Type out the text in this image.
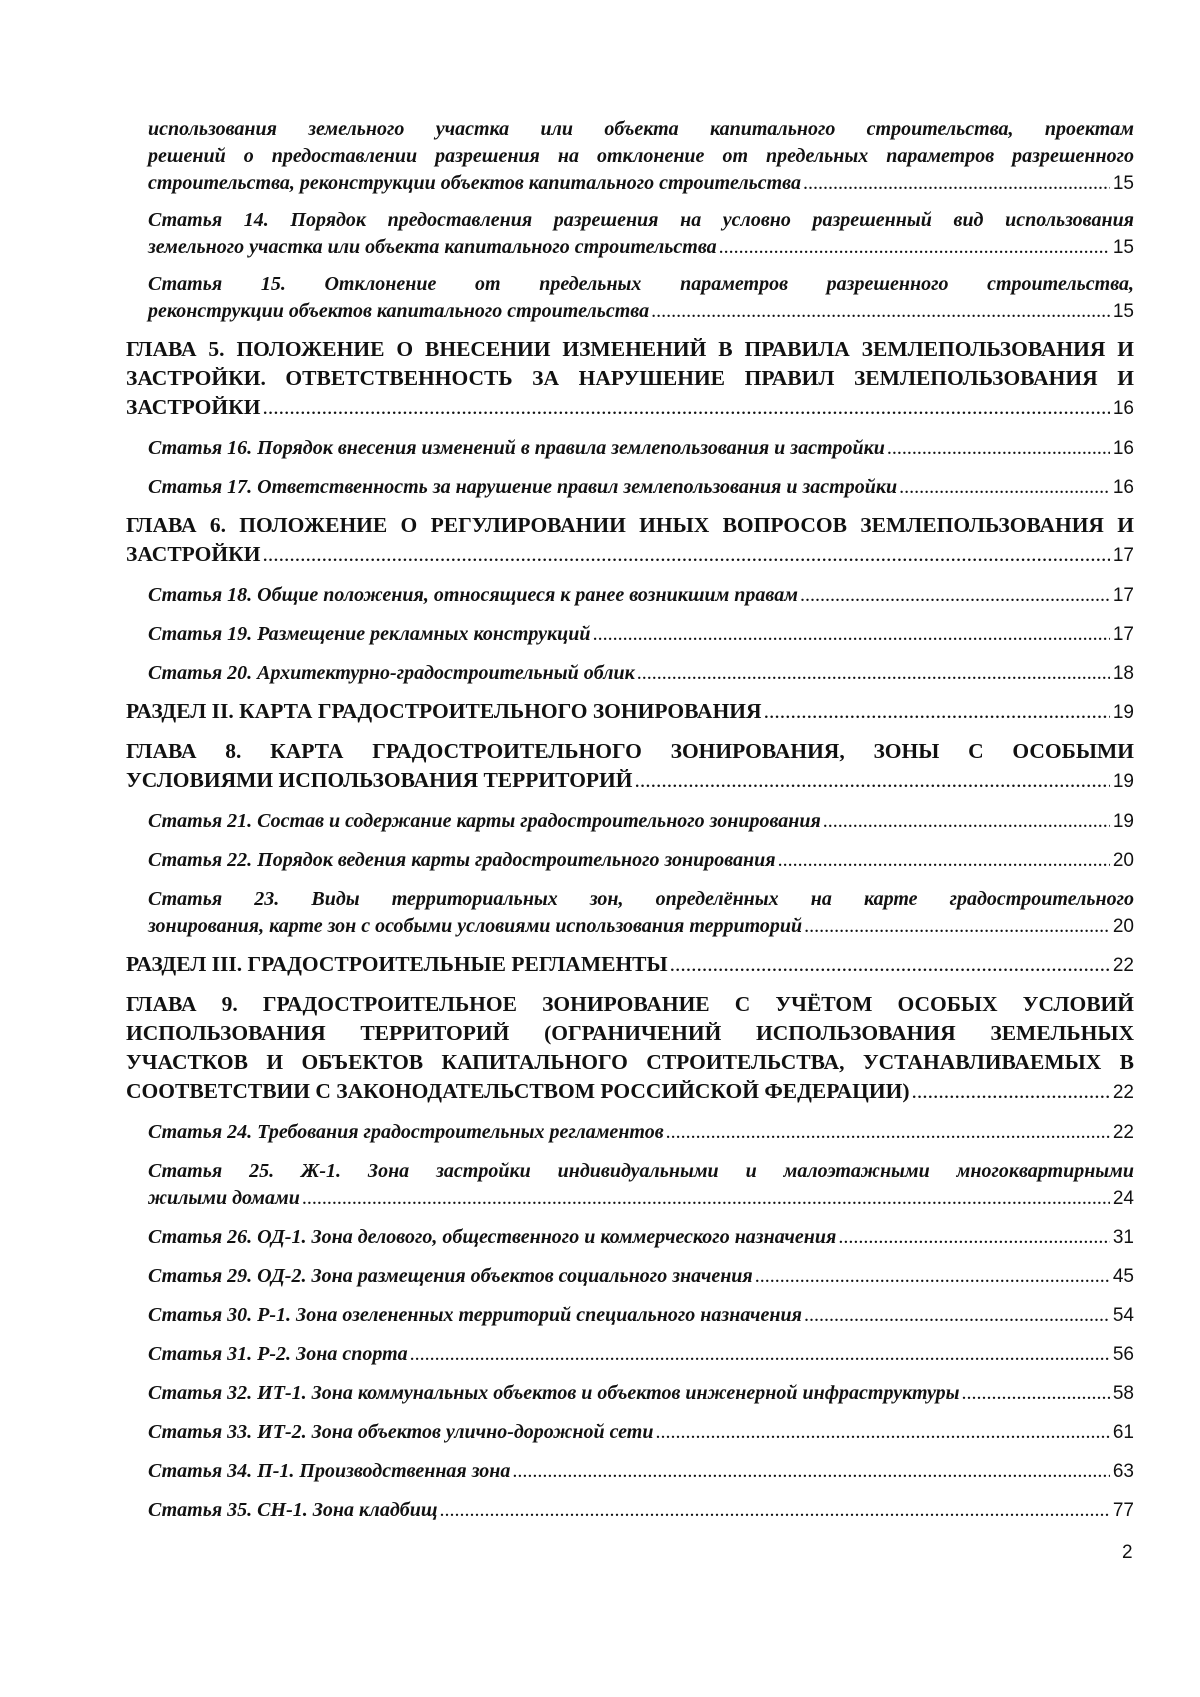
использования земельного участка или объекта капитального строительства, проектам
решений о предоставлении разрешения на отклонение от предельных параметров разрешенного
строительства, реконструкции объектов капитального строительства .....	15
Статья 14. Порядок предоставления разрешения на условно разрешенный вид использования
земельного участка или объекта капитального строительства .....	15
Статья 15. Отклонение от предельных параметров разрешенного строительства,
реконструкции объектов капитального строительства .....	15
ГЛАВА 5. ПОЛОЖЕНИЕ О ВНЕСЕНИИ ИЗМЕНЕНИЙ В ПРАВИЛА ЗЕМЛЕПОЛЬЗОВАНИЯ И
ЗАСТРОЙКИ. ОТВЕТСТВЕННОСТЬ ЗА НАРУШЕНИЕ ПРАВИЛ ЗЕМЛЕПОЛЬЗОВАНИЯ И
ЗАСТРОЙКИ .....	16
Статья 16. Порядок внесения изменений в правила землепользования и застройки .....	16
Статья 17. Ответственность за нарушение правил землепользования и застройки .....	16
ГЛАВА 6. ПОЛОЖЕНИЕ О РЕГУЛИРОВАНИИ ИНЫХ ВОПРОСОВ ЗЕМЛЕПОЛЬЗОВАНИЯ И
ЗАСТРОЙКИ .....	17
Статья 18. Общие положения, относящиеся к ранее возникшим правам .....	17
Статья 19. Размещение рекламных конструкций .....	17
Статья 20. Архитектурно-градостроительный облик .....	18
РАЗДЕЛ II. КАРТА ГРАДОСТРОИТЕЛЬНОГО ЗОНИРОВАНИЯ .....	19
ГЛАВА 8. КАРТА ГРАДОСТРОИТЕЛЬНОГО ЗОНИРОВАНИЯ, ЗОНЫ С ОСОБЫМИ
УСЛОВИЯМИ ИСПОЛЬЗОВАНИЯ ТЕРРИТОРИЙ .....	19
Статья 21. Состав и содержание карты градостроительного зонирования .....	19
Статья 22. Порядок ведения карты градостроительного зонирования .....	20
Статья 23. Виды территориальных зон, определённых на карте градостроительного
зонирования, карте зон с особыми условиями использования территорий .....	20
РАЗДЕЛ III. ГРАДОСТРОИТЕЛЬНЫЕ РЕГЛАМЕНТЫ .....	22
ГЛАВА 9. ГРАДОСТРОИТЕЛЬНОЕ ЗОНИРОВАНИЕ С УЧЁТОМ ОСОБЫХ УСЛОВИЙ
ИСПОЛЬЗОВАНИЯ ТЕРРИТОРИЙ (ОГРАНИЧЕНИЙ ИСПОЛЬЗОВАНИЯ ЗЕМЕЛЬНЫХ
УЧАСТКОВ И ОБЪЕКТОВ КАПИТАЛЬНОГО СТРОИТЕЛЬСТВА, УСТАНАВЛИВАЕМЫХ В
СООТВЕТСТВИИ С ЗАКОНОДАТЕЛЬСТВОМ РОССИЙСКОЙ ФЕДЕРАЦИИ) .....	22
Статья 24. Требования градостроительных регламентов .....	22
Статья 25. Ж-1. Зона застройки индивидуальными и малоэтажными многоквартирными
жилыми домами .....	24
Статья 26. ОД-1. Зона делового, общественного и коммерческого назначения .....	31
Статья 29. ОД-2. Зона размещения объектов социального значения .....	45
Статья 30. Р-1. Зона озелененных территорий специального назначения .....	54
Статья 31. Р-2. Зона спорта .....	56
Статья 32. ИТ-1. Зона коммунальных объектов и объектов инженерной инфраструктуры .....	58
Статья 33. ИТ-2. Зона объектов улично-дорожной сети .....	61
Статья 34. П-1. Производственная зона .....	63
Статья 35. СН-1. Зона кладбищ .....	77
2
